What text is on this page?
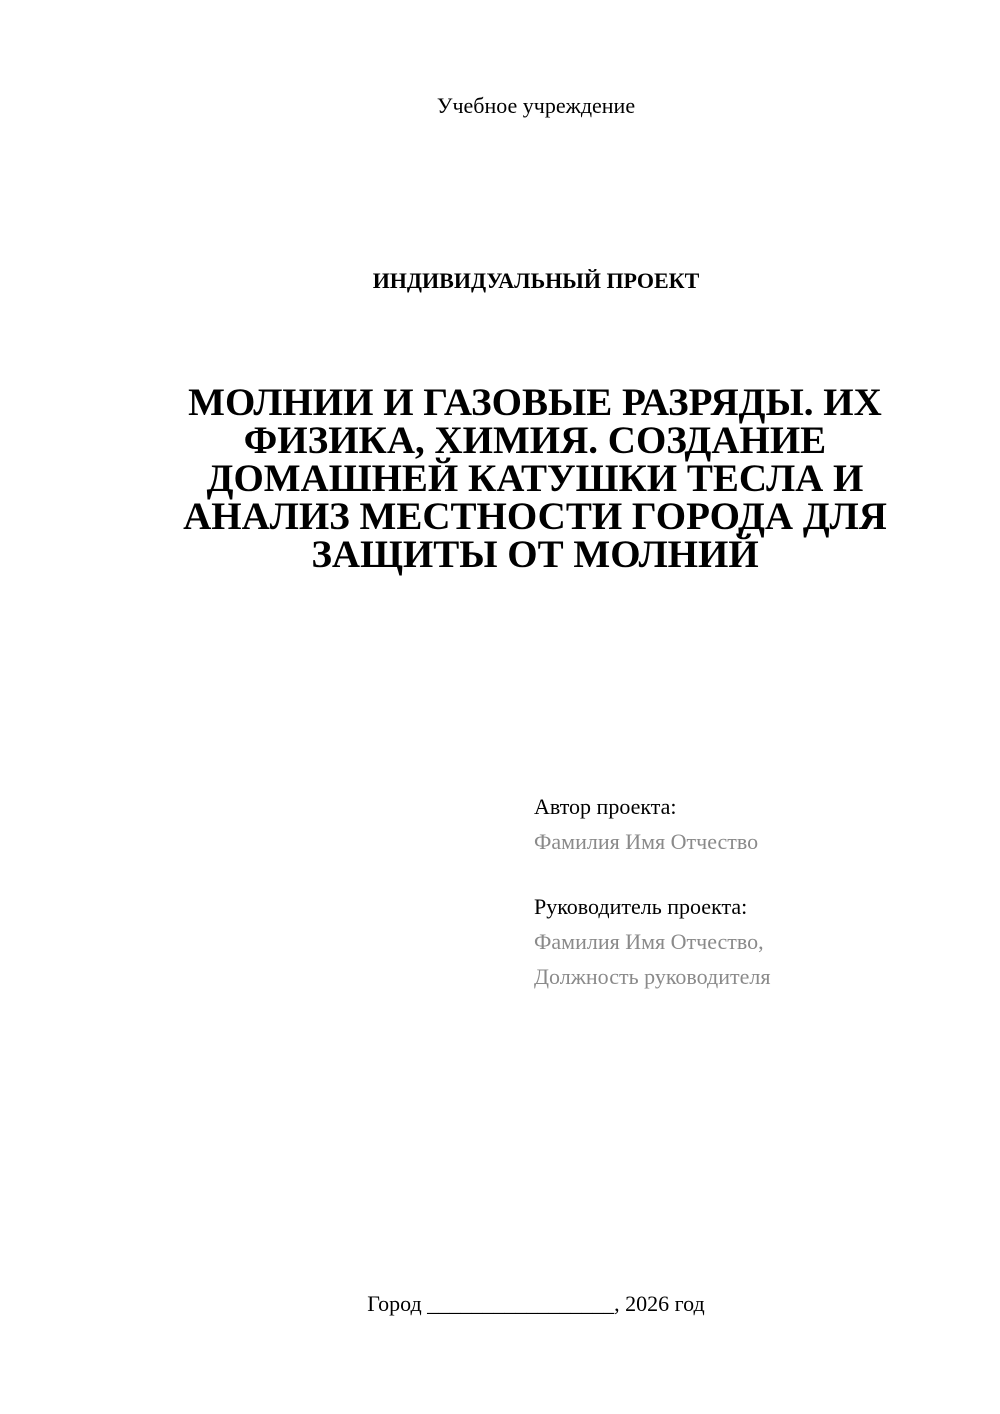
Учебное учреждение
ИНДИВИДУАЛЬНЫЙ ПРОЕКТ
МОЛНИИ И ГАЗОВЫЕ РАЗРЯДЫ. ИХ
ФИЗИКА, ХИМИЯ. СОЗДАНИЕ
ДОМАШНЕЙ КАТУШКИ ТЕСЛА И
АНАЛИЗ МЕСТНОСТИ ГОРОДА ДЛЯ
ЗАЩИТЫ ОТ МОЛНИЙ
Автор проекта:
Фамилия Имя Отчество
Руководитель проекта:
Фамилия Имя Отчество,
Должность руководителя
Город _________________, 2026 год
